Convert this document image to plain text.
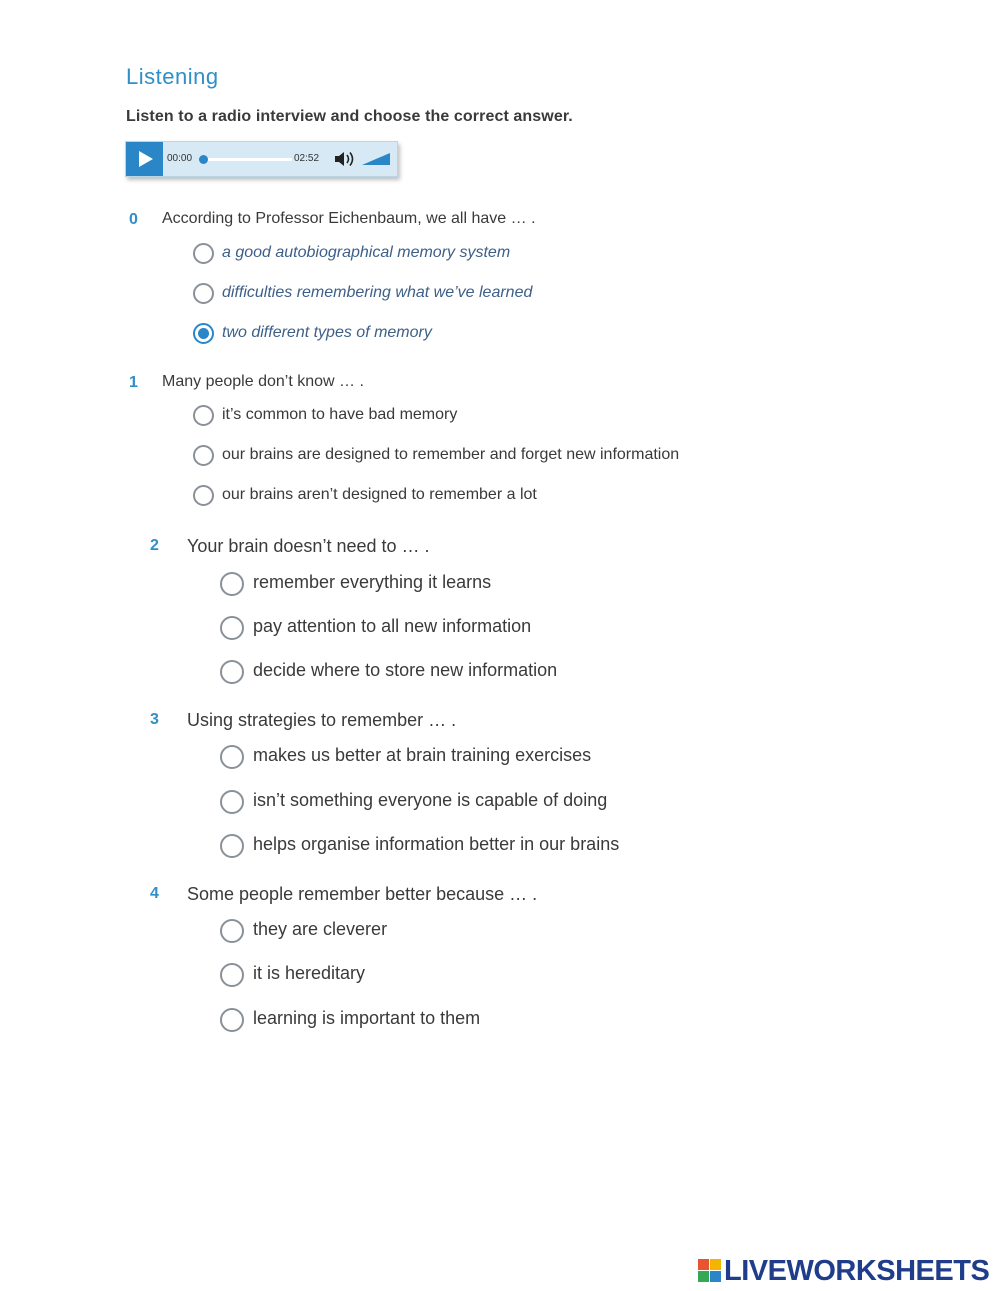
Listening
Listen to a radio interview and choose the correct answer.
00:00	02:52
0 According to Professor Eichenbaum, we all have … .
a good autobiographical memory system
difficulties remembering what we’ve learned
two different types of memory
1 Many people don’t know … .
it’s common to have bad memory
our brains are designed to remember and forget new information
our brains aren’t designed to remember a lot
2 Your brain doesn’t need to … .
remember everything it learns
pay attention to all new information
decide where to store new information
3 Using strategies to remember … .
makes us better at brain training exercises
isn’t something everyone is capable of doing
helps organise information better in our brains
4 Some people remember better because … .
they are cleverer
it is hereditary
learning is important to them
LIVEWORKSHEETS
